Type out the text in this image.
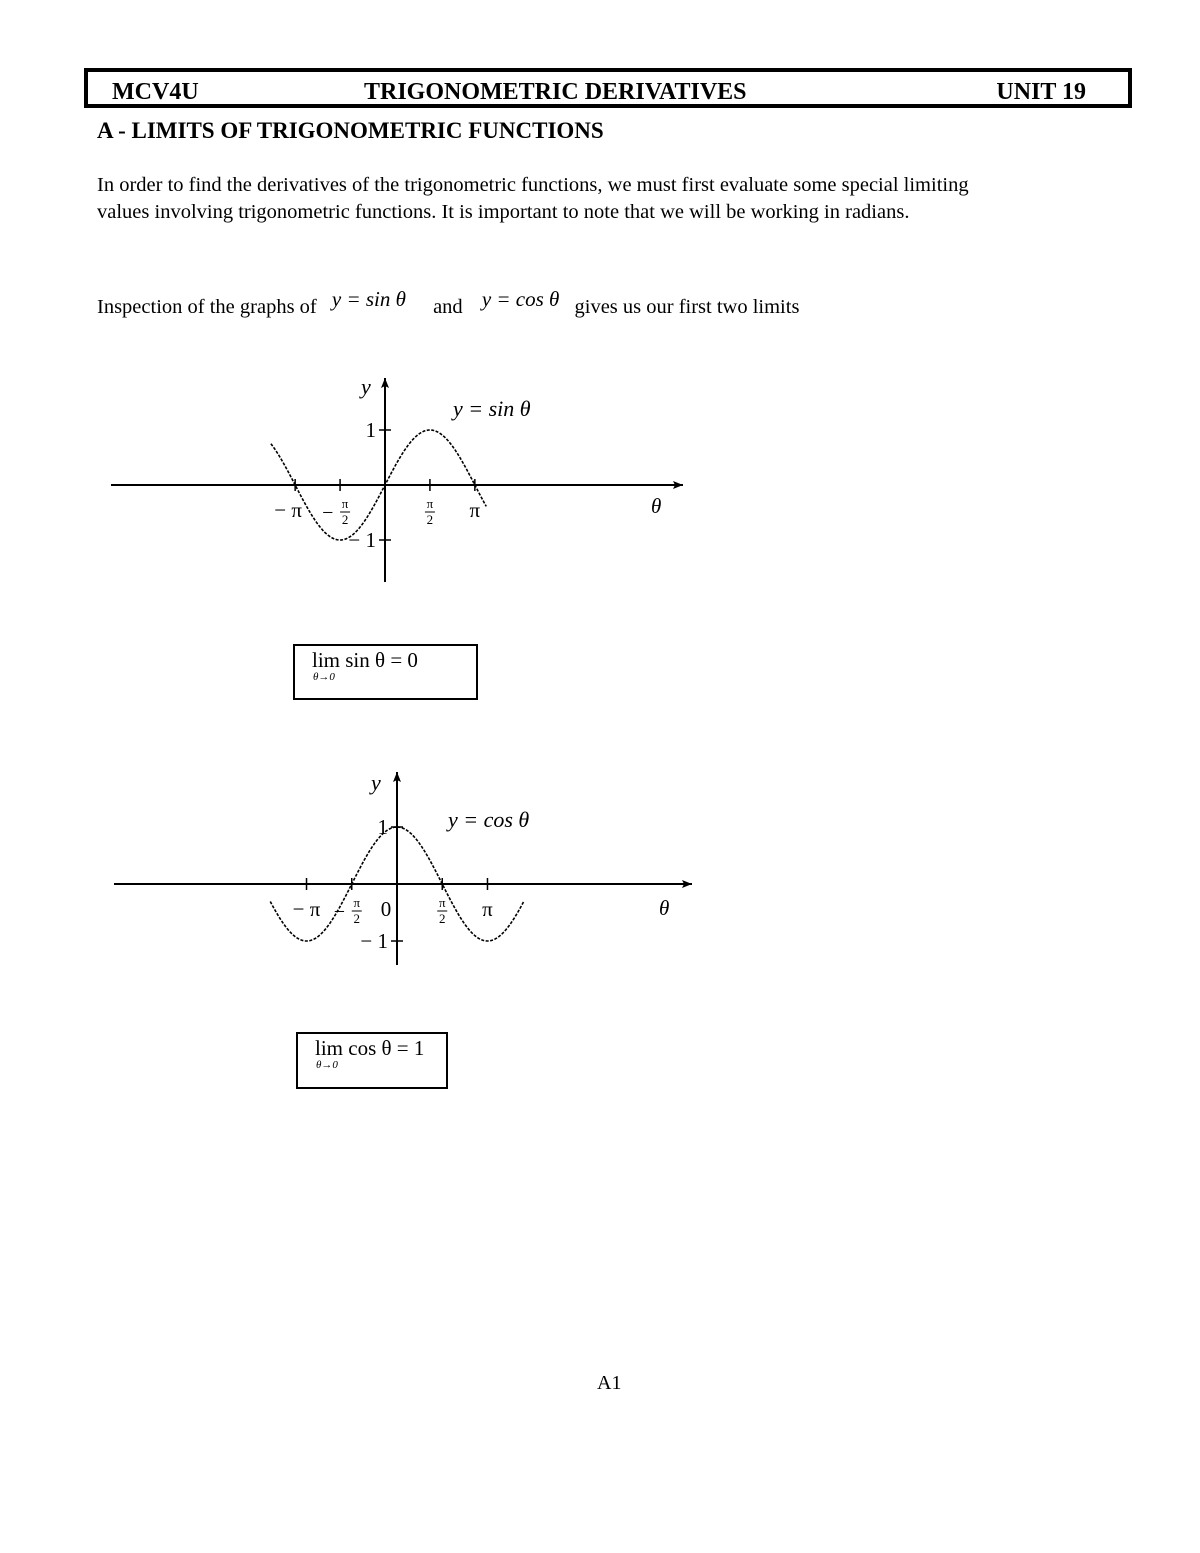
MCV4U	TRIGONOMETRIC DERIVATIVES	UNIT 19
A - LIMITS OF TRIGONOMETRIC FUNCTIONS

In order to find the derivatives of the trigonometric functions, we must first evaluate some special limiting

values involving trigonometric functions. It is important to note that we will be working in radians.

Inspection of the graphs of y = sin θ and y = cos θ gives us our first two limits
− π − π
2
π
2 π
1
− 1
y = sin θ
y
θ
lim sin θ = 0
θ→0
− π − π
2 0	π
2 π
1
− 1
y = cos θ
y
θ
lim cos θ = 1
θ→0
A1
